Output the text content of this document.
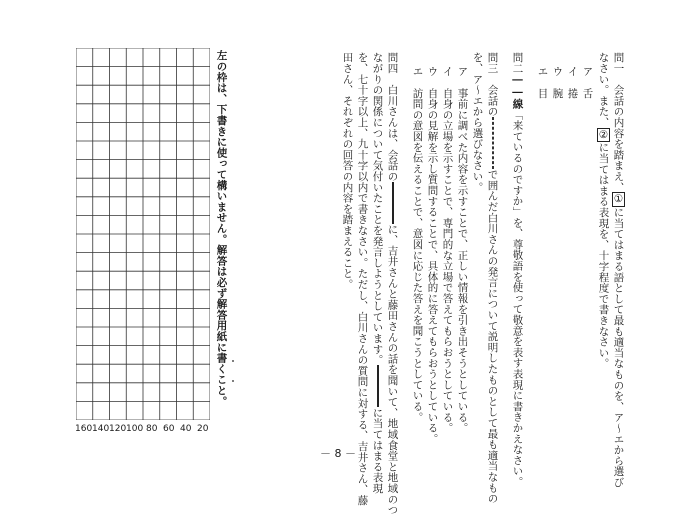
問一　会話の内容を踏まえ、①に当てはまる語として最も適当なものを、ア〜エから選び
なさい。また、②に当てはまる表現を、十字程度で書きなさい。
ア　舌
イ　捲
ウ　腕
エ　目
問二――線「来ているのですか」を、尊敬語を使って敬意を表す表現に書きかえなさい。
問三　会話ので囲んだ白川さんの発言について説明したものとして最も適当なもの
を、ア〜エから選びなさい。
ア　事前に調べた内容を示すことで、正しい情報を引き出そうとしている。
イ　自身の立場を示すことで、専門的な立場で答えてもらおうとしている。
ウ　自身の見解を示し質問することで、具体的に答えてもらおうとしている。
エ　訪問の意図を伝えることで、意図に応じた答えを聞こうとしている。
問四　白川さんは、会話のに、吉井さんと藤田さんの話を聞いて、地域食堂と地域のつ
ながりの関係について気付いたことを発言しようとしています。に当てはまる表現
を、七十字以上、九十字以内で書きなさい。ただし、白川さんの質問に対する、吉井さん、藤
田さん、それぞれの回答の内容を踏まえること。
左の枠は、下書きに使って構いません。解答は必ず解答用紙に書くこと。
20
40
60
80
100
120
140
160
－ 8 －
